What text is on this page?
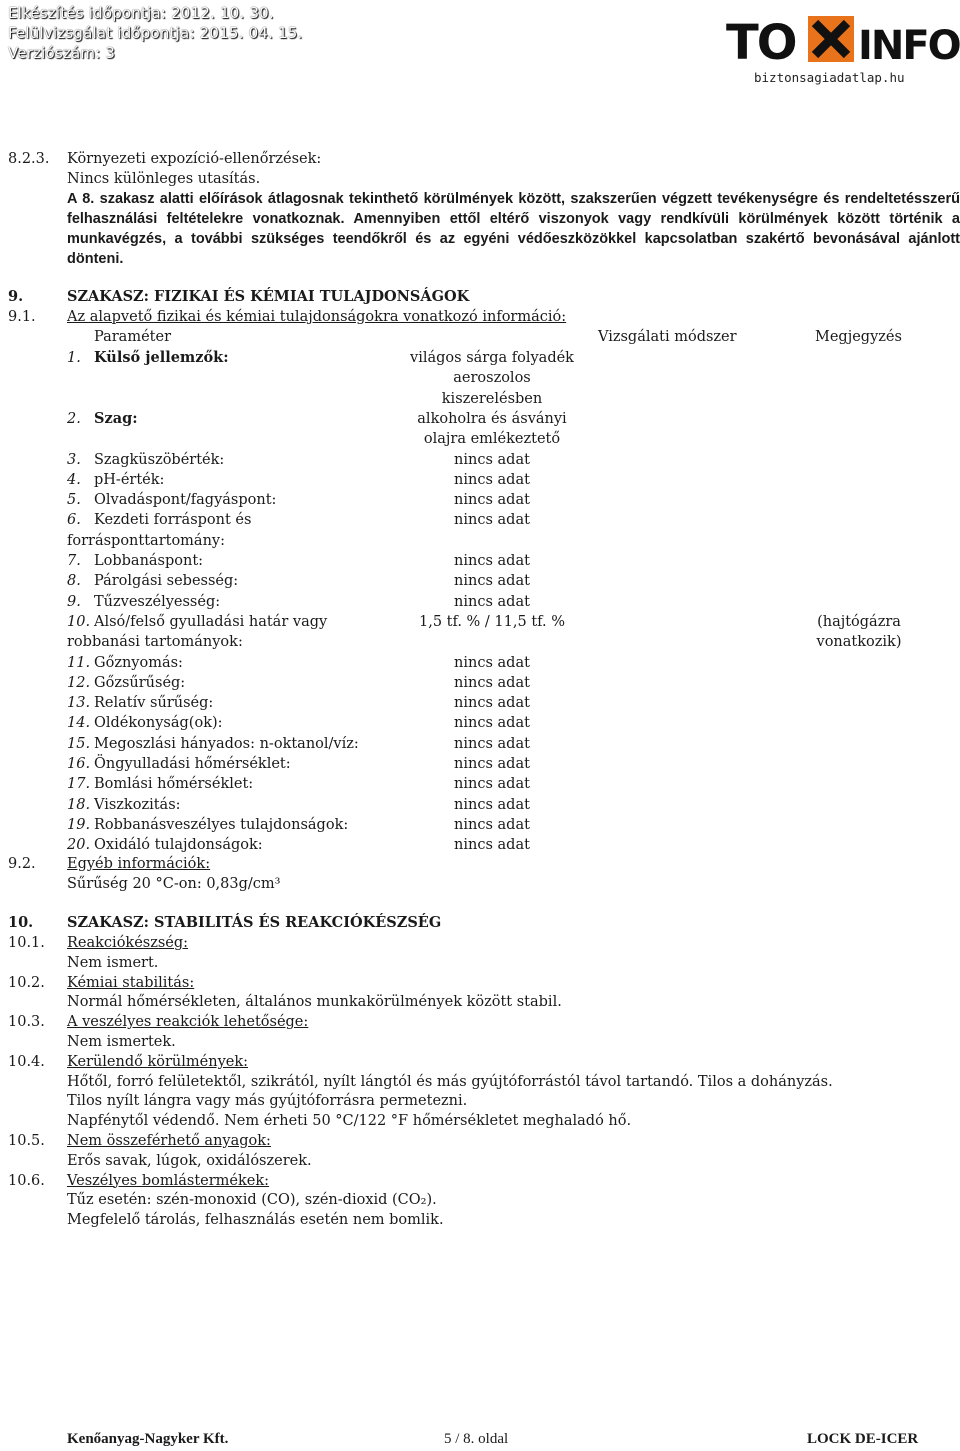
Elkészítés időpontja: 2012. 10. 30.
Felülvizsgálat időpontja: 2015. 04. 15.
Verziószám: 3	TO INFO
biztonsagiadatlap.hu
8.2.3. Környezeti expozíció-ellenőrzések:
Nincs különleges utasítás.
A 8. szakasz alatti előírások átlagosnak tekinthető körülmények között, szakszerűen végzett tevékenységre és rendeltetésszerű felhasználási feltételekre vonatkoznak. Amennyiben ettől eltérő viszonyok vagy rendkívüli körülmények között történik a munkavégzés, a további szükséges teendőkről és az egyéni védőeszközökkel kapcsolatban szakértő bevonásával ajánlott dönteni.
9.	SZAKASZ: FIZIKAI ÉS KÉMIAI TULAJDONSÁGOK
9.1. Az alapvető fizikai és kémiai tulajdonságokra vonatkozó információ:
Paraméter	Vizsgálati módszer	Megjegyzés
1. Külső jellemzők:	világos sárga folyadék
aeroszolos
kiszerelésben
2. Szag:	alkoholra és ásványi
olajra emlékeztető
3. Szagküszöbérték:	nincs adat
4. pH-érték:	nincs adat
5. Olvadáspont/fagyáspont:	nincs adat
6. Kezdeti forráspont és
forrásponttartomány:
nincs adat
7. Lobbanáspont:	nincs adat
8. Párolgási sebesség:	nincs adat
9. Tűzveszélyesség:	nincs adat
10. Alsó/felső gyulladási határ vagy
robbanási tartományok:
1,5 tf. % / 11,5 tf. %	(hajtógázra
vonatkozik)
11. Gőznyomás:	nincs adat
12. Gőzsűrűség:	nincs adat
13. Relatív sűrűség:	nincs adat
14. Oldékonyság(ok):	nincs adat
15. Megoszlási hányados: n-oktanol/víz:	nincs adat
16. Öngyulladási hőmérséklet:	nincs adat
17. Bomlási hőmérséklet:	nincs adat
18. Viszkozitás:	nincs adat
19. Robbanásveszélyes tulajdonságok:	nincs adat
20. Oxidáló tulajdonságok:	nincs adat
9.2. Egyéb információk:
Sűrűség 20 °C-on: 0,83g/cm³
10. SZAKASZ: STABILITÁS ÉS REAKCIÓKÉSZSÉG
10.1. Reakciókészség:
Nem ismert.
10.2. Kémiai stabilitás:
Normál hőmérsékleten, általános munkakörülmények között stabil.
10.3. A veszélyes reakciók lehetősége:
Nem ismertek.
10.4. Kerülendő körülmények:
Hőtől, forró felületektől, szikrától, nyílt lángtól és más gyújtóforrástól távol tartandó. Tilos a dohányzás.
Tilos nyílt lángra vagy más gyújtóforrásra permetezni.
Napfénytől védendő. Nem érheti 50 °C/122 °F hőmérsékletet meghaladó hő.
10.5. Nem összeférhető anyagok:
Erős savak, lúgok, oxidálószerek.
10.6. Veszélyes bomlástermékek:
Tűz esetén: szén-monoxid (CO), szén-dioxid (CO₂).
Megfelelő tárolás, felhasználás esetén nem bomlik.
Kenőanyag-Nagyker Kft.	5 / 8. oldal	LOCK DE-ICER
